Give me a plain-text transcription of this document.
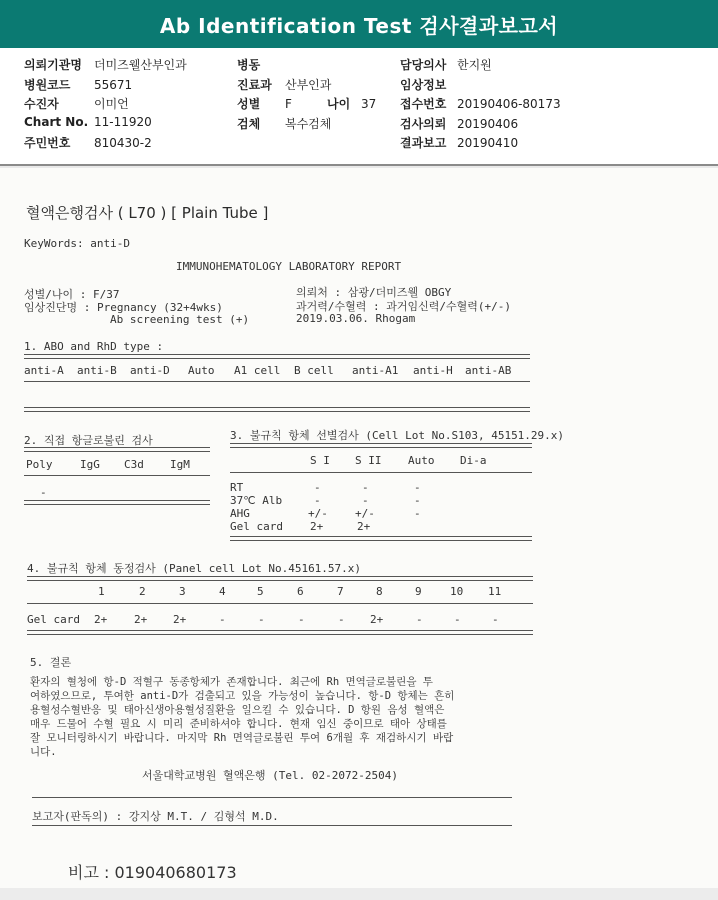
Ab Identification Test 검사결과보고서
의뢰기관명 더미즈웰산부인과
병원코드 55671
수진자	이미언
Chart No. 11-11920
주민번호 810430-2
병동
진료과 산부인과
성별 F	나이 37
검체 복수검체
담당의사 한지원
임상정보
접수번호 20190406-80173
검사의뢰 20190406
결과보고 20190410
혈액은행검사 ( L70 ) [ Plain Tube ]
KeyWords: anti-D
IMMUNOHEMATOLOGY LABORATORY REPORT
성별/나이 : F/37
임상진단명 : Pregnancy (32+4wks)
Ab screening test (+)
의뢰처 : 삼광/더미즈웰 OBGY
과거력/수혈력 : 과거임신력/수혈력(+/-)
2019.03.06. Rhogam
1. ABO and RhD type :
anti-A anti-B anti-D Auto A1 cell B cell anti-A1 anti-H anti-AB
2. 직접 항글로불린 검사
Poly	IgG C3d IgM
-
3. 불규칙 항체 선별검사 (Cell Lot No.S103, 45151.29.x)
S I S II Auto Di-a
RT	-	-	-
37℃ Alb	-	-	-
AHG	+/- +/-	-
Gel card 2+	2+
4. 불규칙 항체 동정검사 (Panel cell Lot No.45161.57.x)
1	2	3	4	5	6	7	8	9	10 11
Gel card 2+ 2+ 2+	-	-	-	- 2+	-	-	-
5. 결론
환자의 혈청에 항-D 적혈구 동종항체가 존재합니다. 최근에 Rh 면역글로불린을 투
여하였으므로, 투여한 anti-D가 검출되고 있을 가능성이 높습니다. 항-D 항체는 흔히
용혈성수혈반응 및 태아신생아용혈성질환을 일으킬 수 있습니다. D 항원 음성 혈액은
매우 드물어 수혈 필요 시 미리 준비하셔야 합니다. 현재 임신 중이므로 태아 상태를
잘 모니터링하시기 바랍니다. 마지막 Rh 면역글로불린 투여 6개월 후 재검하시기 바랍
니다.
서울대학교병원 혈액은행 (Tel. 02-2072-2504)
보고자(판독의) : 강지상 M.T. / 김형석 M.D.
비고 : 019040680173
